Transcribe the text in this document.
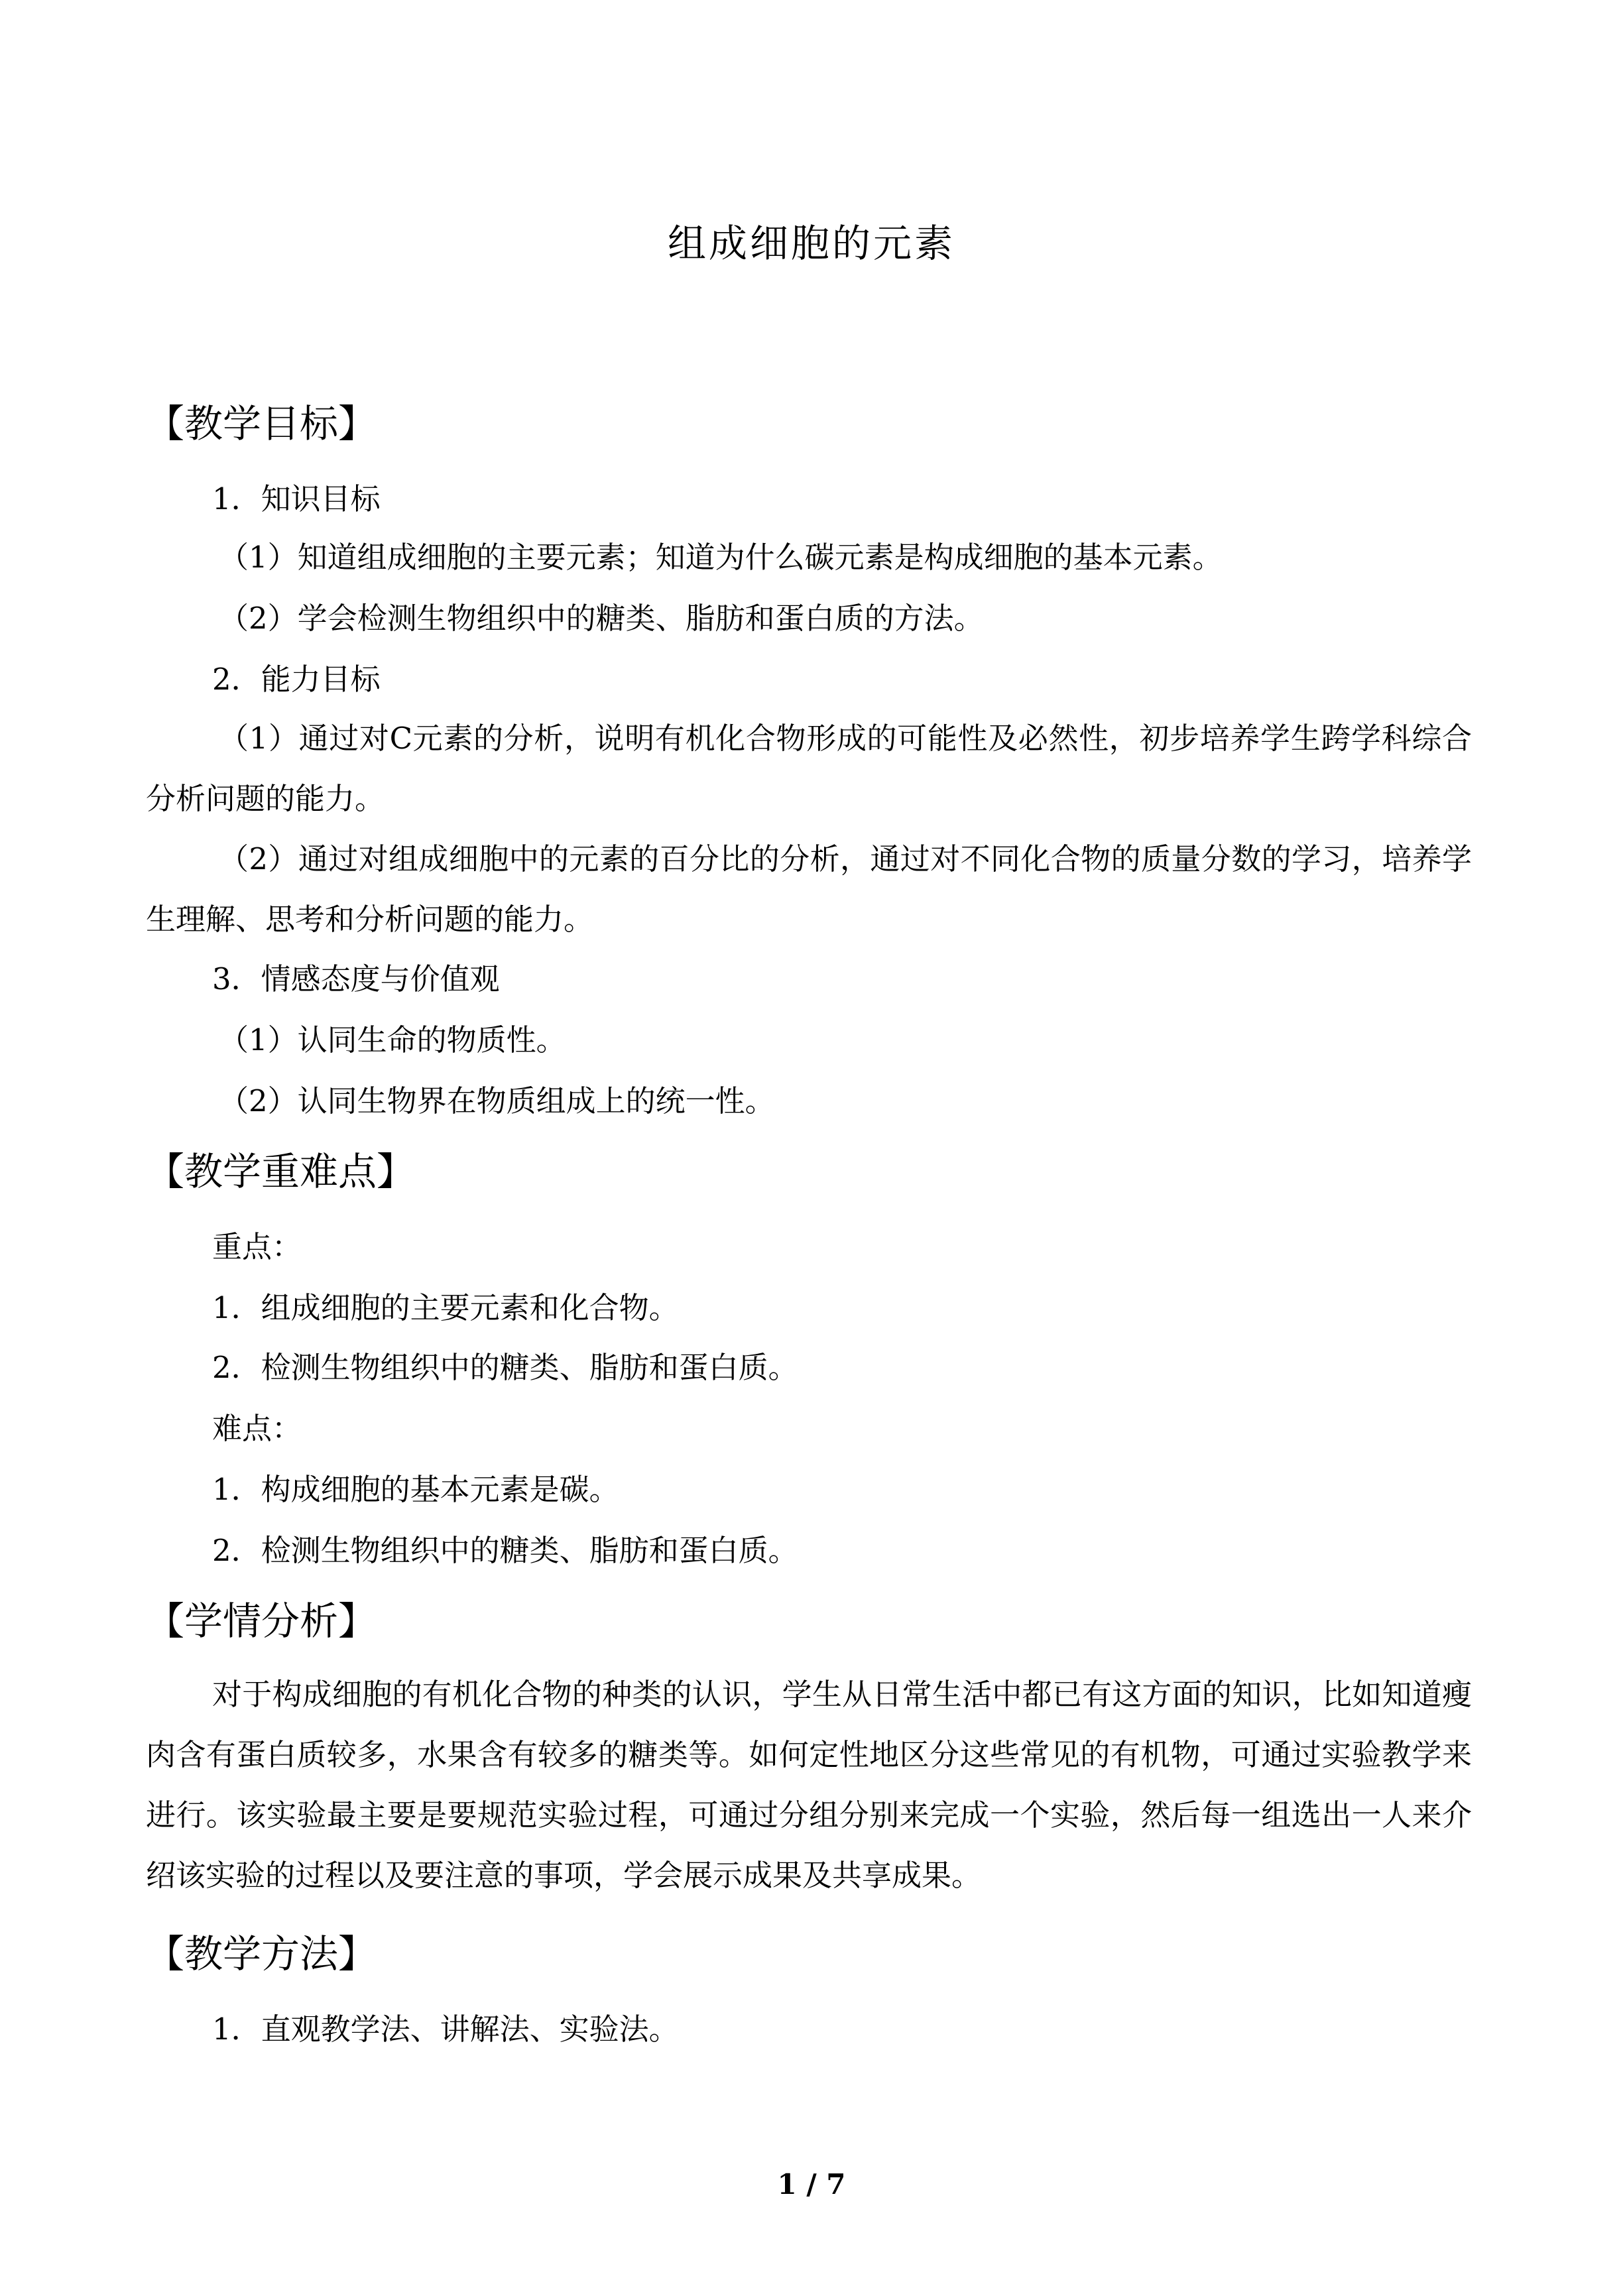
组成细胞的元素
【教学目标】
1．知识目标
（1）知道组成细胞的主要元素；知道为什么碳元素是构成细胞的基本元素。
（2）学会检测生物组织中的糖类、脂肪和蛋白质的方法。
2．能力目标
（1）通过对C元素的分析，说明有机化合物形成的可能性及必然性，初步培养学生跨学科综合分析问题的能力。
（2）通过对组成细胞中的元素的百分比的分析，通过对不同化合物的质量分数的学习，培养学生理解、思考和分析问题的能力。
3．情感态度与价值观
（1）认同生命的物质性。
（2）认同生物界在物质组成上的统一性。
【教学重难点】
重点：
1．组成细胞的主要元素和化合物。
2．检测生物组织中的糖类、脂肪和蛋白质。
难点：
1．构成细胞的基本元素是碳。
2．检测生物组织中的糖类、脂肪和蛋白质。
【学情分析】
对于构成细胞的有机化合物的种类的认识，学生从日常生活中都已有这方面的知识，比如知道瘦肉含有蛋白质较多，水果含有较多的糖类等。如何定性地区分这些常见的有机物，可通过实验教学来进行。该实验最主要是要规范实验过程，可通过分组分别来完成一个实验，然后每一组选出一人来介绍该实验的过程以及要注意的事项，学会展示成果及共享成果。
【教学方法】
1．直观教学法、讲解法、实验法。
1 / 7
